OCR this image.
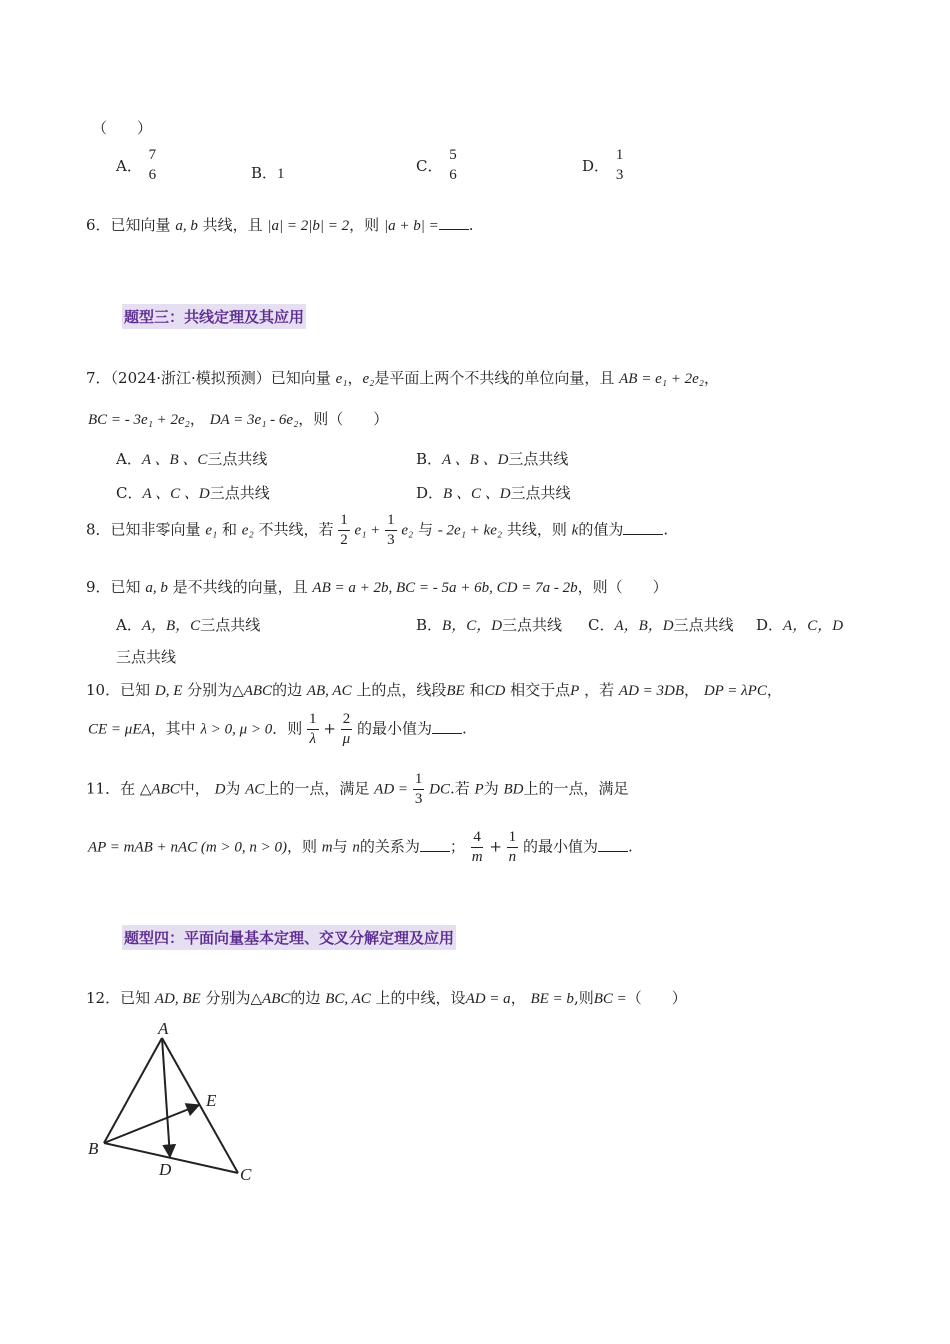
（　　）
A． $\frac{7}{6}$	B．1	C． $\frac{5}{6}$	D． $\frac{1}{3}$
6．已知向量 a, b 共线，且 |a| = 2|b| = 2，则 |a + b| = .
题型三：共线定理及其应用
7．（2024·浙江·模拟预测）已知向量 e₁，e₂是平面上两个不共线的单位向量，且 AB = e₁ + 2e₂，
BC = - 3e₁ + 2e₂， DA = 3e₁ - 6e₂，则（　　）
A．A 、B 、C三点共线	B．A 、B 、D三点共线
C．A 、C 、D三点共线	D．B 、C 、D三点共线
8．已知非零向量 e₁ 和 e₂ 不共线，若 $\frac{1}{2} e_1 + \frac{1}{3} e_2$ 与 - 2e₁ + ke₂ 共线，则 k的值为	.
9．已知 a, b 是不共线的向量，且 AB = a + 2b, BC = - 5a + 6b, CD = 7a - 2b，则（　　）
A．A，B，C三点共线	B．B，C，D三点共线 C．A，B，D三点共线 D．A，C，D
三点共线
10．已知 D, E 分别为△ABC的边 AB, AC 上的点，线段BE 和CD 相交于点P ，若 AD = 3DB， DP = λPC，
CE = μEA，其中 λ > 0, μ > 0．则 $\frac{1}{\lambda} + \frac{2}{\mu}$ 的最小值为 .
11．在 △ABC中， D为 AC上的一点，满足 AD = $\frac{1}{3}$ DC.若 P为 BD上的一点，满足
AP = mAB + nAC (m > 0, n > 0)，则 m与 n的关系为 ； $\frac{4}{m} + \frac{1}{n}$ 的最小值为 .
题型四：平面向量基本定理、交叉分解定理及应用
12．已知 AD, BE 分别为△ABC的边 BC, AC 上的中线，设AD = a， BE = b,则BC =（　　）
A
B
C
D
E
